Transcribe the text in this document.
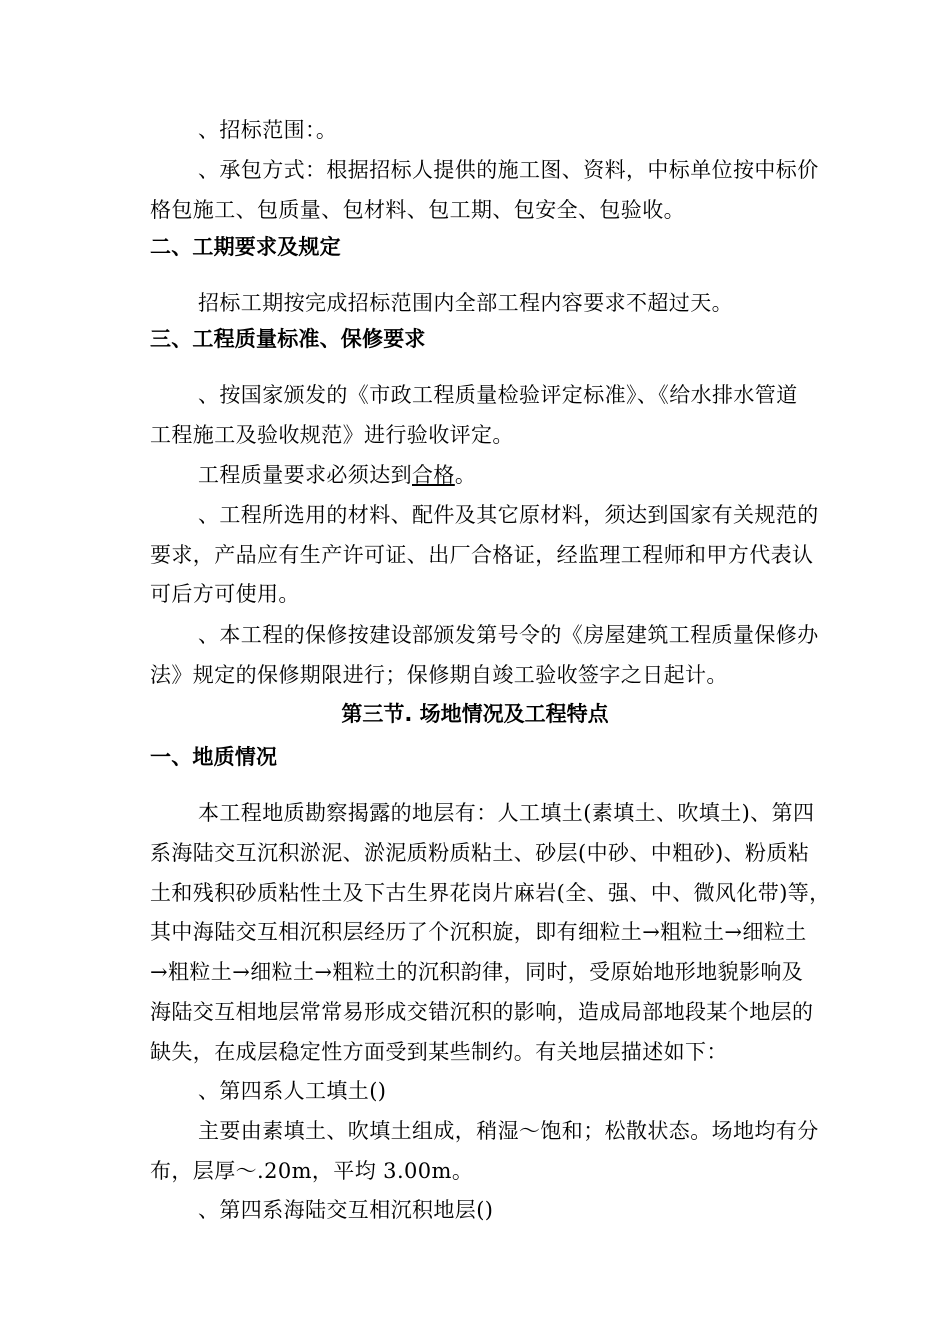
、招标范围：。
、承包方式：根据招标人提供的施工图、资料，中标单位按中标价
格包施工、包质量、包材料、包工期、包安全、包验收。
二、工期要求及规定
招标工期按完成招标范围内全部工程内容要求不超过天。
三、工程质量标准、保修要求
、按国家颁发的《市政工程质量检验评定标准》、《给水排水管道
工程施工及验收规范》进行验收评定。
工程质量要求必须达到合格。
、工程所选用的材料、配件及其它原材料，须达到国家有关规范的
要求，产品应有生产许可证、出厂合格证，经监理工程师和甲方代表认
可后方可使用。
、本工程的保修按建设部颁发第号令的《房屋建筑工程质量保修办
法》规定的保修期限进行；保修期自竣工验收签字之日起计。
第三节. 场地情况及工程特点
一、地质情况
本工程地质勘察揭露的地层有：人工填土(素填土、吹填土)、第四
系海陆交互沉积淤泥、淤泥质粉质粘土、砂层(中砂、中粗砂)、粉质粘
土和残积砂质粘性土及下古生界花岗片麻岩(全、强、中、微风化带)等，
其中海陆交互相沉积层经历了个沉积旋，即有细粒土→粗粒土→细粒土
→粗粒土→细粒土→粗粒土的沉积韵律，同时，受原始地形地貌影响及
海陆交互相地层常常易形成交错沉积的影响，造成局部地段某个地层的
缺失，在成层稳定性方面受到某些制约。有关地层描述如下：
、第四系人工填土()
主要由素填土、吹填土组成，稍湿～饱和；松散状态。场地均有分
布，层厚～.20m，平均 3.00m。
、第四系海陆交互相沉积地层()
